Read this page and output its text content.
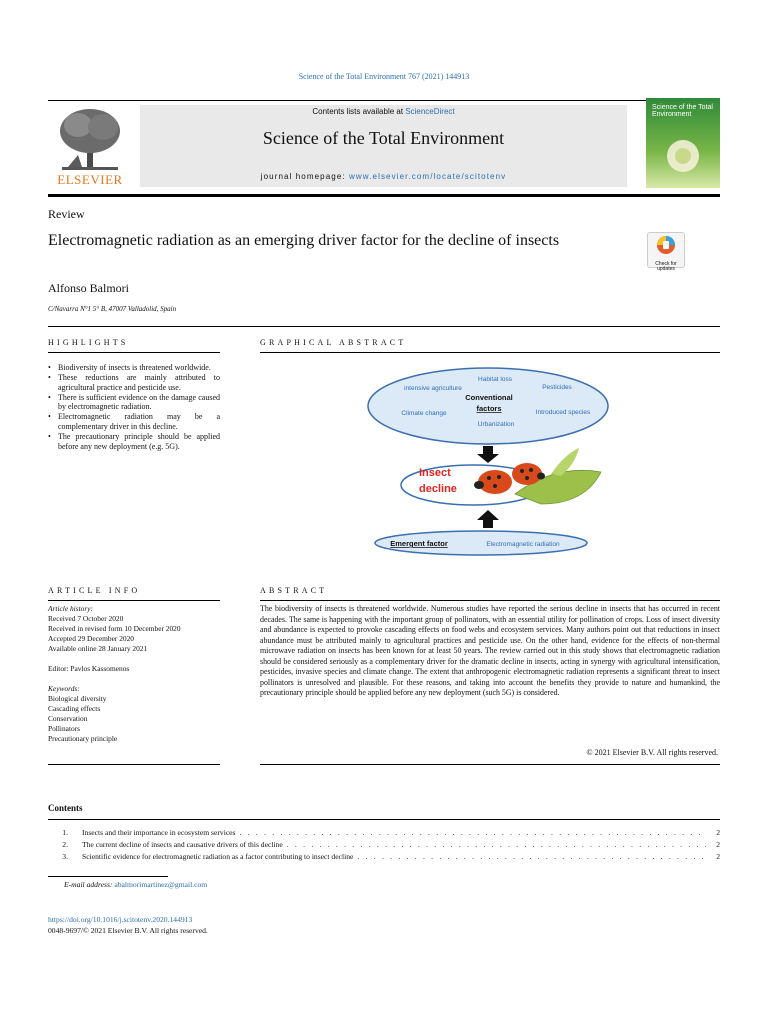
Science of the Total Environment 767 (2021) 144913
ELSEVIER
Contents lists available at ScienceDirect
Science of the Total Environment
journal homepage: www.elsevier.com/locate/scitotenv
Science of the Total Environment
Review
Electromagnetic radiation as an emerging driver factor for the decline of insects
Check for updates
Alfonso Balmori
C/Navarra N°1 5° B, 47007 Valladolid, Spain
HIGHLIGHTS
• Biodiversity of insects is threatened worldwide.
• These reductions are mainly attributed to agricultural practice and pesticide use.
• There is sufficient evidence on the damage caused by electromagnetic radiation.
• Electromagnetic radiation may be a complementary driver in this decline.
• The precautionary principle should be applied before any new deployment (e.g. 5G).
GRAPHICAL ABSTRACT
Habitat loss
intensive agriculture	Pesticides
Conventional
factors
Climate change	Introduced species
Urbanization
Insect
decline
Emergent factor	Electromagnetic radiation
ARTICLE INFO
Article history:
Received 7 October 2020
Received in revised form 10 December 2020
Accepted 29 December 2020
Available online 28 January 2021
Editor: Pavlos Kassomenos
Keywords:
Biological diversity
Cascading effects
Conservation
Pollinators
Precautionary principle
ABSTRACT
The biodiversity of insects is threatened worldwide. Numerous studies have reported the serious decline in insects that has occurred in recent decades. The same is happening with the important group of pollinators, with an essential utility for pollination of crops. Loss of insect diversity and abundance is expected to provoke cascading effects on food webs and ecosystem services. Many authors point out that reductions in insect abundance must be attributed mainly to agricultural practices and pesticide use. On the other hand, evidence for the effects of non-thermal microwave radiation on insects has been known for at least 50 years. The review carried out in this study shows that electromagnetic radiation should be considered seriously as a complementary driver for the dramatic decline in insects, acting in synergy with agricultural intensification, pesticides, invasive species and climate change. The extent that anthropogenic electromagnetic radiation represents a significant threat to insect pollinators is unresolved and plausible. For these reasons, and taking into account the benefits they provide to nature and humankind, the precautionary principle should be applied before any new deployment (such 5G) is considered.
© 2021 Elsevier B.V. All rights reserved.
Contents
1. Insects and their importance in ecosystem services . . .	2
2. The current decline of insects and causative drivers of this decline . . .	2
3. Scientific evidence for electromagnetic radiation as a factor contributing to insect decline . . .	2
E-mail address: abalmorimartinez@gmail.com
https://doi.org/10.1016/j.scitotenv.2020.144913
0048-9697/© 2021 Elsevier B.V. All rights reserved.
